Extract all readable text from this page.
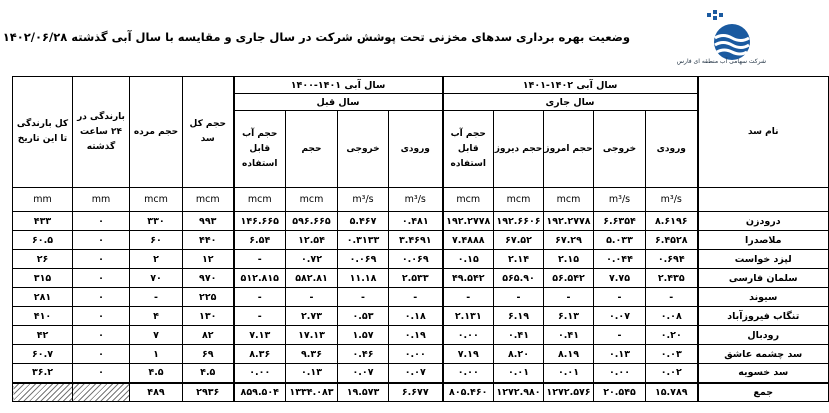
وضعیت بهره برداری سدهای مخزنی تحت پوشش شرکت در سال جاری و مقایسه با سال آبی گذشته ۱۴۰۲/۰۶/۲۸
شرکت سهامی آب منطقه ای فارس
کل بارندگی تا این تاریخ	بارندگی در ۲۴ ساعت گذشته	حجم مرده	حجم کل سد	سال آبی ۱۴۰۱-۱۴۰۰				سال آبی ۱۴۰۲-۱۴۰۱					نام سد
				سال قبل				سال جاری					
				حجم آب قابل استفاده	حجم	خروجی	ورودی	حجم آب قابل استفاده	حجم دیروز	حجم امروز	خروجی	ورودی	
mm	mm	mcm	mcm	mcm	mcm	m³/s	m³/s	mcm	mcm	mcm	m³/s	m³/s	
۴۳۳	۰	۳۳۰	۹۹۳	۱۴۶.۶۶۵	۵۹۶.۶۶۵	۵.۴۶۷	۰.۴۸۱	۱۹۲.۲۷۷۸	۱۹۲.۶۶۰۶	۱۹۲.۲۷۷۸	۶.۶۳۵۴	۸.۶۱۹۶	درودزن
۶۰.۵	۰	۶۰	۴۴۰	۶.۵۴	۱۲.۵۴	۰.۳۱۳۳	۳.۴۶۹۱	۷.۴۸۸۸	۶۷.۵۲	۶۷.۲۹	۵.۰۳۳	۶.۴۵۲۸	ملاصدرا
۲۶	۰	۲	۱۲	-	۰.۷۲	۰.۰۶۹	۰.۰۶۹	۰.۱۵	۲.۱۴	۲.۱۵	۰.۰۴۴	۰.۶۹۴	لپزد خواست
۳۱۵	۰	۷۰	۹۷۰	۵۱۲.۸۱۵	۵۸۲.۸۱	۱۱.۱۸	۲.۵۳۳	۴۹.۵۴۲	۵۶۵.۹۰	۵۶.۵۴۲	۷.۷۵	۲.۴۳۵	سلمان فارسی
۲۸۱	۰	-	۲۲۵	-	-	-	-	-	-	-	-	-	سیوند
۴۱۰	۰	۴	۱۳۰	-	۲.۷۳	۰.۵۳	۰.۱۸	۲.۱۳۱	۶.۱۹	۶.۱۳	۰.۰۷	۰.۰۸	تنگاب فیروزآباد
۴۲	۰	۷	۸۲	۷.۱۳	۱۷.۱۳	۱.۵۷	۰.۱۹	۰.۰۰	۰.۴۱	۰.۴۱	-	۰.۲۰	رودبال
۶۰.۷	۰	۱	۶۹	۸.۳۶	۹.۳۶	۰.۴۶	۰.۰۰	۷.۱۹	۸.۲۰	۸.۱۹	۰.۱۳	۰.۰۳	سد چشمه عاشق
۳۶.۲	۰	۴.۵	۴.۵	۰.۰۰	۰.۱۳	۰.۰۷	۰.۰۷	۰.۰۰	۰.۰۱	۰.۰۱	۰.۰۰	۰.۰۲	سد خسویه
		۴۸۹	۲۹۳۶	۸۵۹.۵۰۴	۱۳۳۴.۰۸۳	۱۹.۵۷۳	۶.۶۷۷	۸۰۵.۴۶۰	۱۲۷۲.۹۸۰	۱۲۷۲.۵۷۶	۲۰.۵۴۵	۱۵.۷۸۹	جمع
